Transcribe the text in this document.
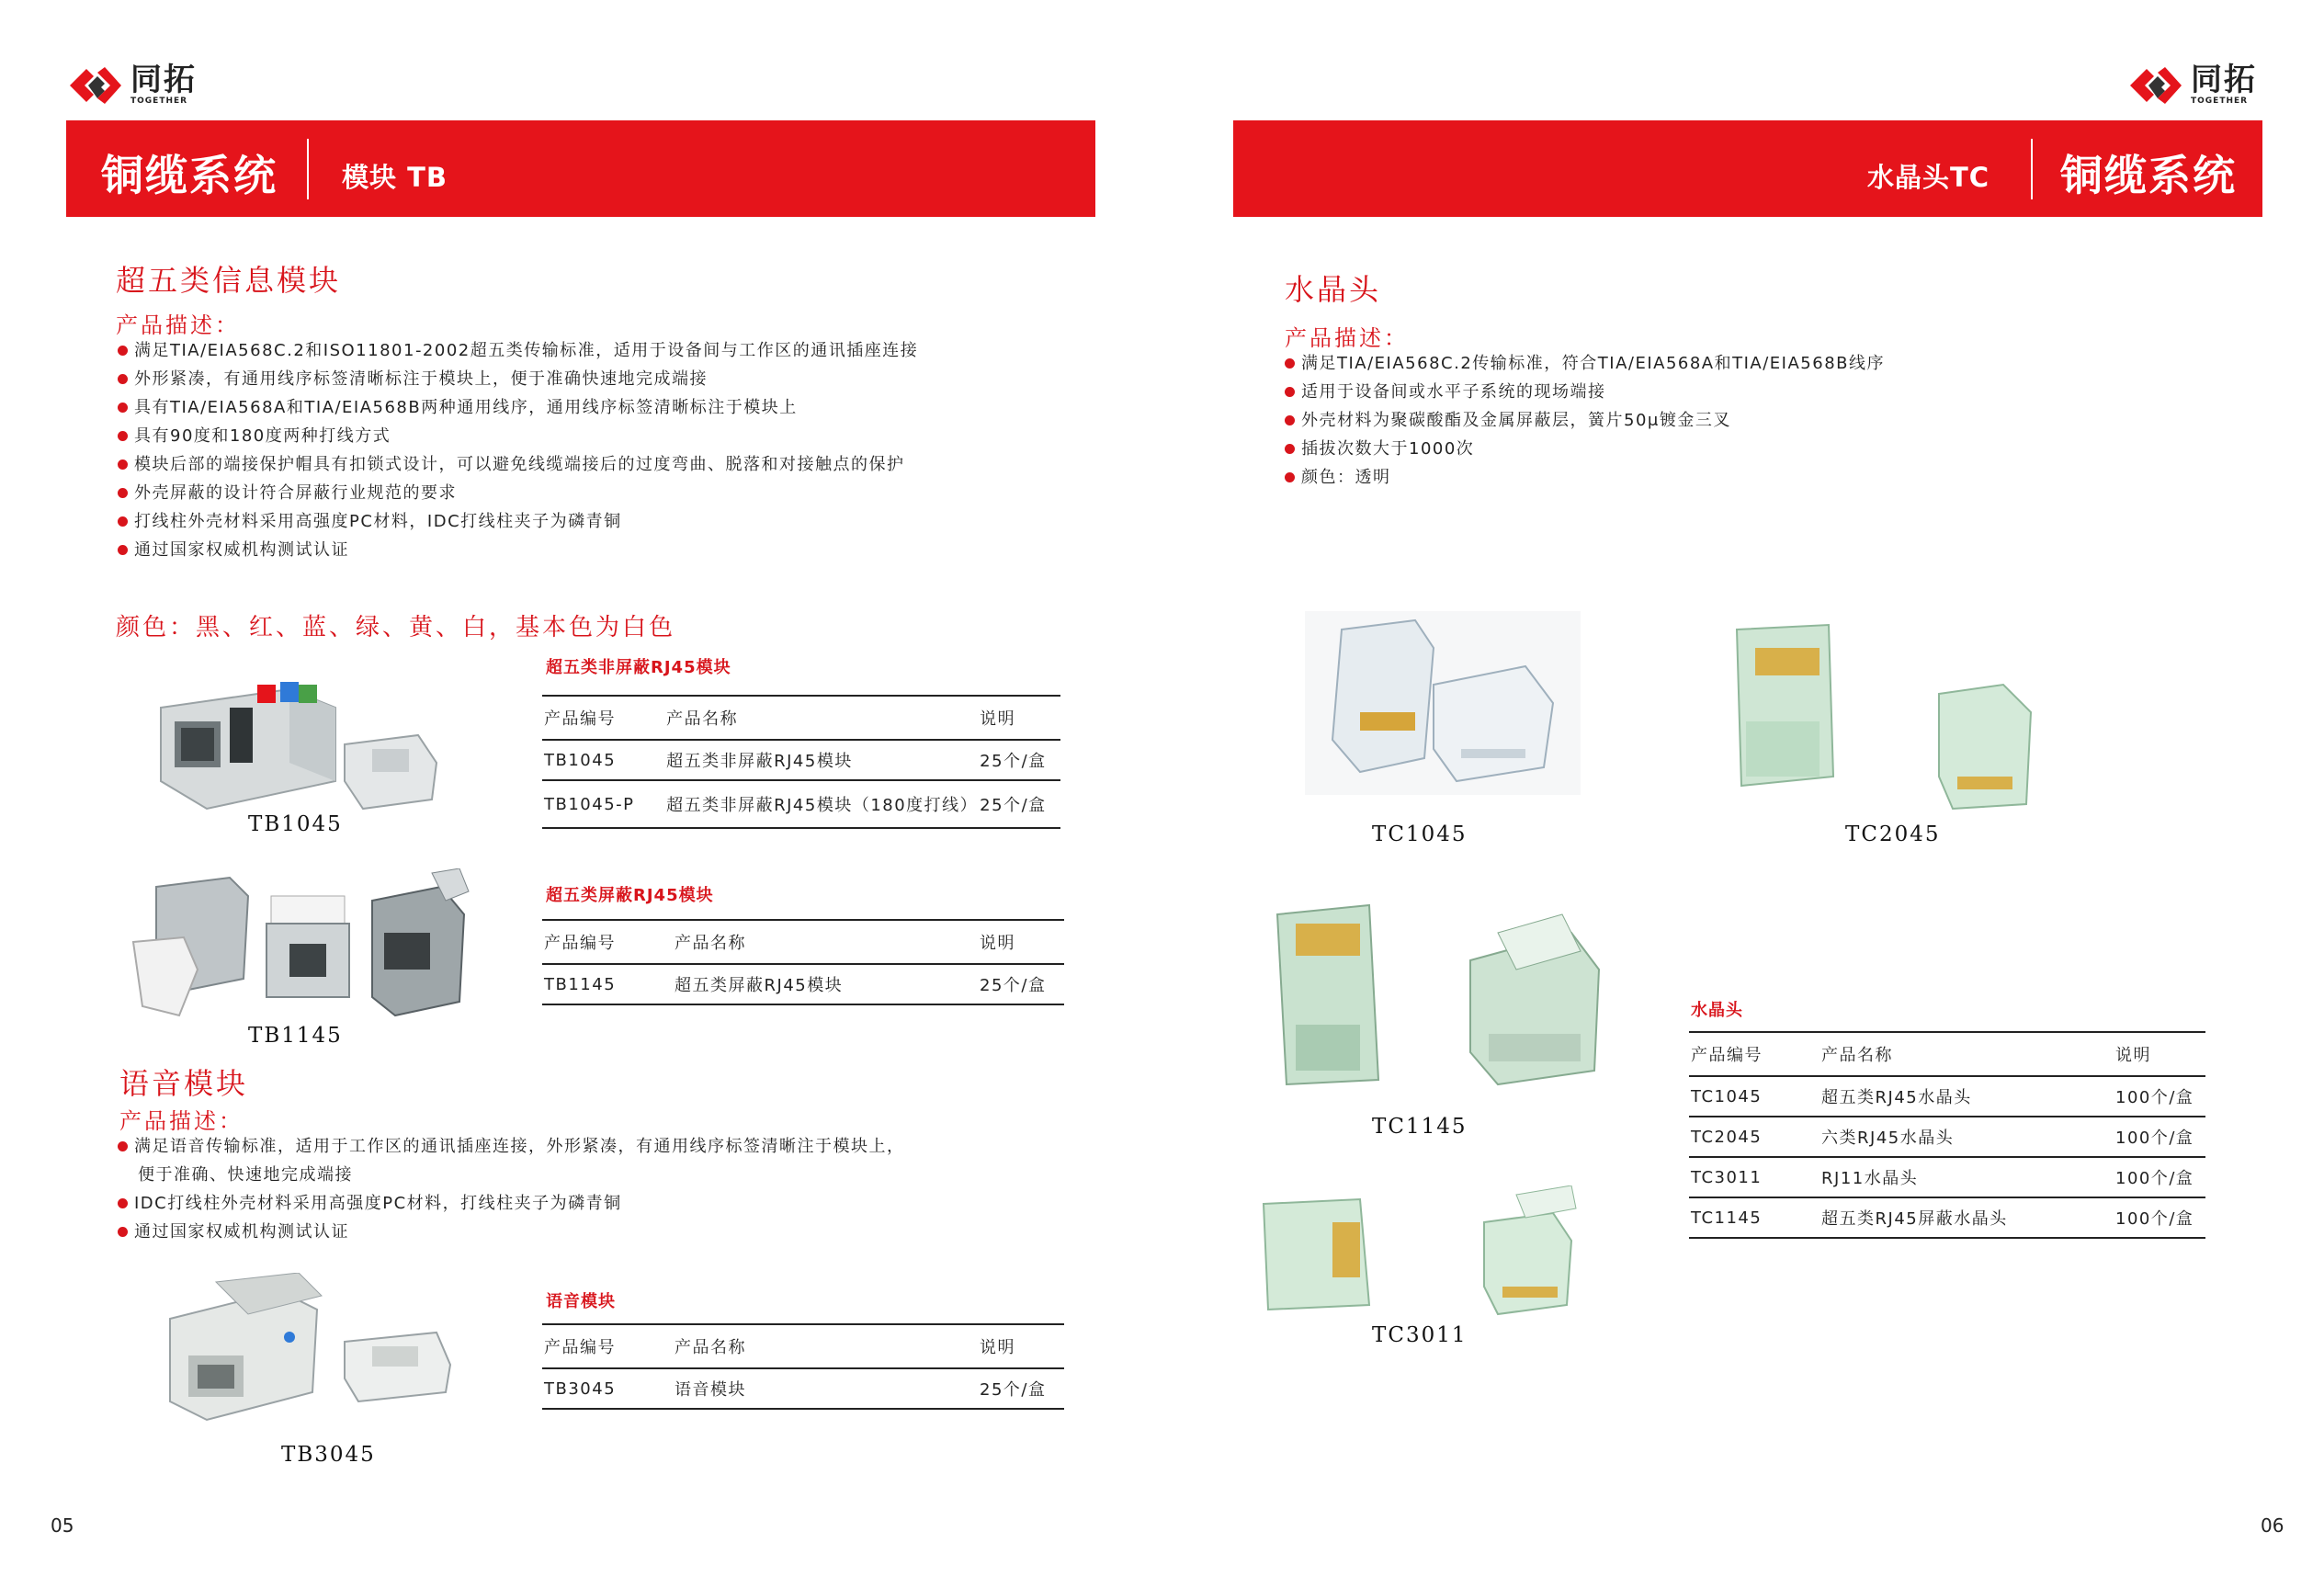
同拓
TOGETHER
同拓
TOGETHER
铜缆系统 模块 TB	水晶头TC 铜缆系统
超五类信息模块
产品描述：
满足TIA/EIA568C.2和ISO11801-2002超五类传输标准，适用于设备间与工作区的通讯插座连接
外形紧凑，有通用线序标签清晰标注于模块上，便于准确快速地完成端接
具有TIA/EIA568A和TIA/EIA568B两种通用线序，通用线序标签清晰标注于模块上
具有90度和180度两种打线方式
模块后部的端接保护帽具有扣锁式设计，可以避免线缆端接后的过度弯曲、脱落和对接触点的保护
外壳屏蔽的设计符合屏蔽行业规范的要求
打线柱外壳材料采用高强度PC材料，IDC打线柱夹子为磷青铜
通过国家权威机构测试认证
颜色：黑、红、蓝、绿、黄、白，基本色为白色
TB1045
超五类非屏蔽RJ45模块
产品编号	产品名称	说明
TB1045	超五类非屏蔽RJ45模块	25个/盒
TB1045-P	超五类非屏蔽RJ45模块（180度打线）	25个/盒
TB1145
超五类屏蔽RJ45模块
产品编号	产品名称	说明
TB1145	超五类屏蔽RJ45模块	25个/盒
语音模块
产品描述：
满足语音传输标准，适用于工作区的通讯插座连接，外形紧凑，有通用线序标签清晰注于模块上，
便于准确、快速地完成端接
IDC打线柱外壳材料采用高强度PC材料，打线柱夹子为磷青铜
通过国家权威机构测试认证
TB3045
语音模块
产品编号	产品名称	说明
TB3045	语音模块	25个/盒
05
水晶头
产品描述：
满足TIA/EIA568C.2传输标准，符合TIA/EIA568A和TIA/EIA568B线序
适用于设备间或水平子系统的现场端接
外壳材料为聚碳酸酯及金属屏蔽层，簧片50μ镀金三叉
插拔次数大于1000次
颜色：透明
TC1045	TC2045
TC1145
TC3011
水晶头
产品编号	产品名称	说明
TC1045	超五类RJ45水晶头	100个/盒
TC2045	六类RJ45水晶头	100个/盒
TC3011	RJ11水晶头	100个/盒
TC1145	超五类RJ45屏蔽水晶头	100个/盒
06
